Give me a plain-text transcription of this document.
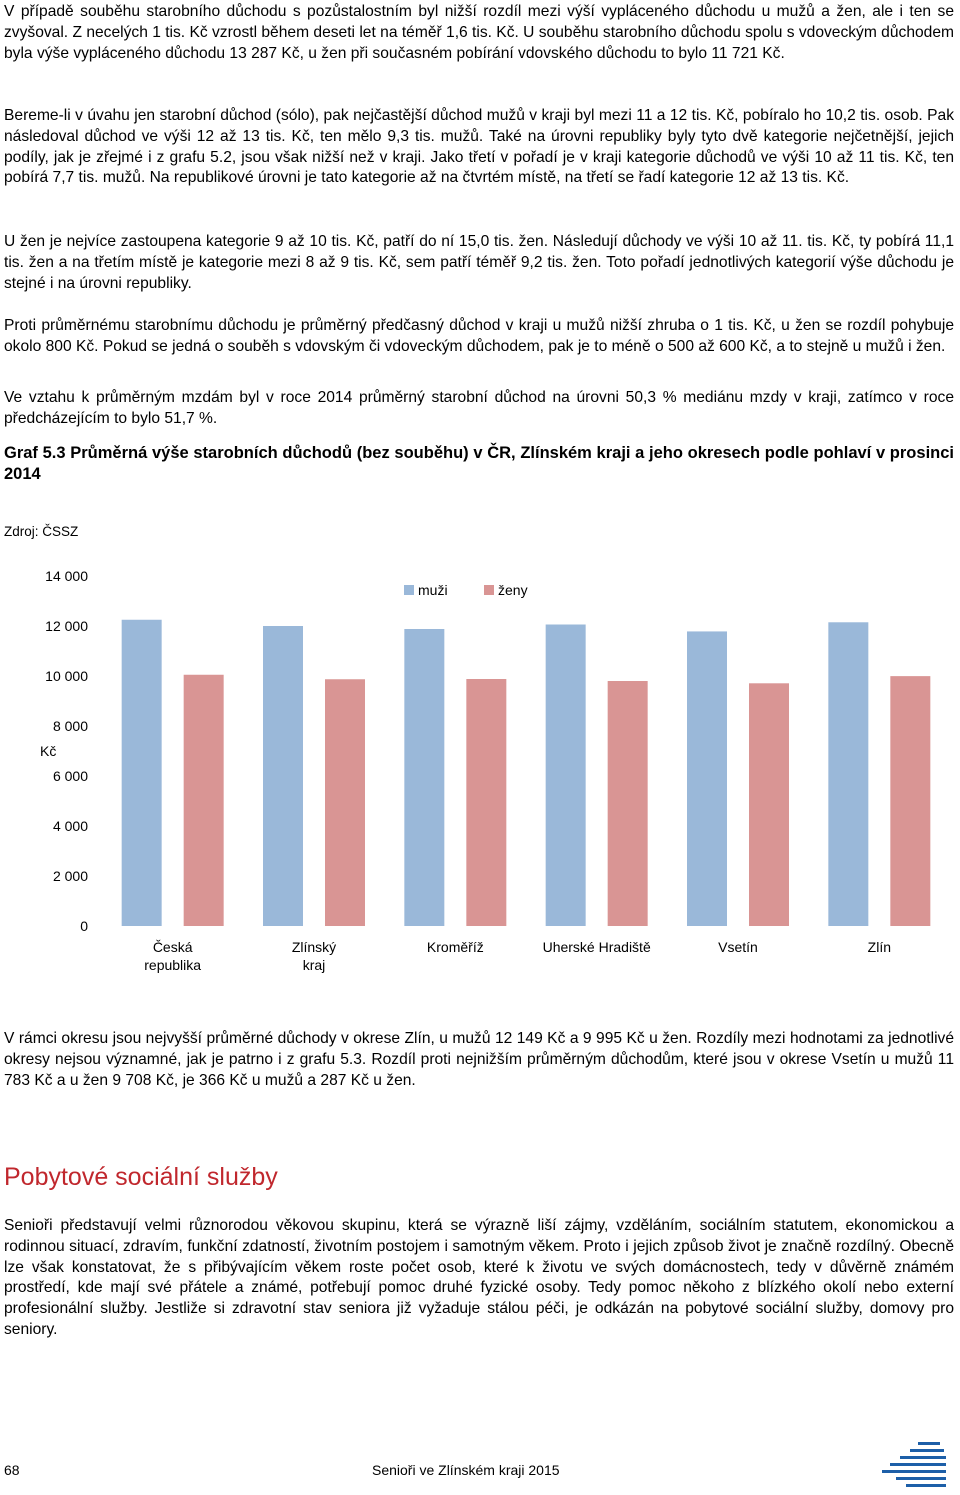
V případě souběhu starobního důchodu s pozůstalostním byl nižší rozdíl mezi výší vypláceného důchodu u mužů a žen, ale i ten se zvyšoval. Z necelých 1 tis. Kč vzrostl během deseti let na téměř 1,6 tis. Kč. U souběhu starobního důchodu spolu s vdoveckým důchodem byla výše vypláceného důchodu 13 287 Kč, u žen při současném pobírání vdovského důchodu to bylo 11 721 Kč.

Bereme-li v úvahu jen starobní důchod (sólo), pak nejčastější důchod mužů v kraji byl mezi 11 a 12 tis. Kč, pobíralo ho 10,2 tis. osob. Pak následoval důchod ve výši 12 až 13 tis. Kč, ten mělo 9,3 tis. mužů. Také na úrovni republiky byly tyto dvě kategorie nejčetnější, jejich podíly, jak je zřejmé i z grafu 5.2, jsou však nižší než v kraji. Jako třetí v pořadí je v kraji kategorie důchodů ve výši 10 až 11 tis. Kč, ten pobírá 7,7 tis. mužů. Na republikové úrovni je tato kategorie až na čtvrtém místě, na třetí se řadí kategorie 12 až 13 tis. Kč.

U žen je nejvíce zastoupena kategorie 9 až 10 tis. Kč, patří do ní 15,0 tis. žen. Následují důchody ve výši 10 až 11. tis. Kč, ty pobírá 11,1 tis. žen a na třetím místě je kategorie mezi 8 až 9 tis. Kč, sem patří téměř 9,2 tis. žen. Toto pořadí jednotlivých kategorií výše důchodu je stejné i na úrovni republiky.

Proti průměrnému starobnímu důchodu je průměrný předčasný důchod v kraji u mužů nižší zhruba o 1 tis. Kč, u žen se rozdíl pohybuje okolo 800 Kč. Pokud se jedná o souběh s vdovským či vdoveckým důchodem, pak je to méně o 500 až 600 Kč, a to stejně u mužů i žen.

Ve vztahu k průměrným mzdám byl v roce 2014 průměrný starobní důchod na úrovni 50,3 % mediánu mzdy v kraji, zatímco v roce předcházejícím to bylo 51,7 %.

Graf 5.3 Průměrná výše starobních důchodů (bez souběhu) v ČR, Zlínském kraji a jeho okresech podle pohlaví v prosinci 2014

Zdroj: ČSSZ

0
2 000
4 000
6 000
8 000
10 000
12 000
14 000
Kč
Česká
republika
Zlínský
kraj
Kroměříž	Uherské Hradiště	Vsetín	Zlín
muži	ženy

V rámci okresu jsou nejvyšší průměrné důchody v okrese Zlín, u mužů 12 149 Kč a 9 995 Kč u žen. Rozdíly mezi hodnotami za jednotlivé okresy nejsou významné, jak je patrno i z grafu 5.3. Rozdíl proti nejnižším průměrným důchodům, které jsou v okrese Vsetín u mužů 11 783 Kč a u žen 9 708 Kč, je 366 Kč u mužů a 287 Kč u žen.

Pobytové sociální služby

Senioři představují velmi různorodou věkovou skupinu, která se výrazně liší zájmy, vzděláním, sociálním statutem, ekonomickou a rodinnou situací, zdravím, funkční zdatností, životním postojem i samotným věkem. Proto i jejich způsob život je značně rozdílný. Obecně lze však konstatovat, že s přibývajícím věkem roste počet osob, které k životu ve svých domácnostech, tedy v důvěrně známém prostředí, kde mají své přátele a známé, potřebují pomoc druhé fyzické osoby. Tedy pomoc někoho z blízkého okolí nebo externí profesionální služby. Jestliže si zdravotní stav seniora již vyžaduje stálou péči, je odkázán na pobytové sociální služby, domovy pro seniory.

68	Senioři ve Zlínském kraji 2015
